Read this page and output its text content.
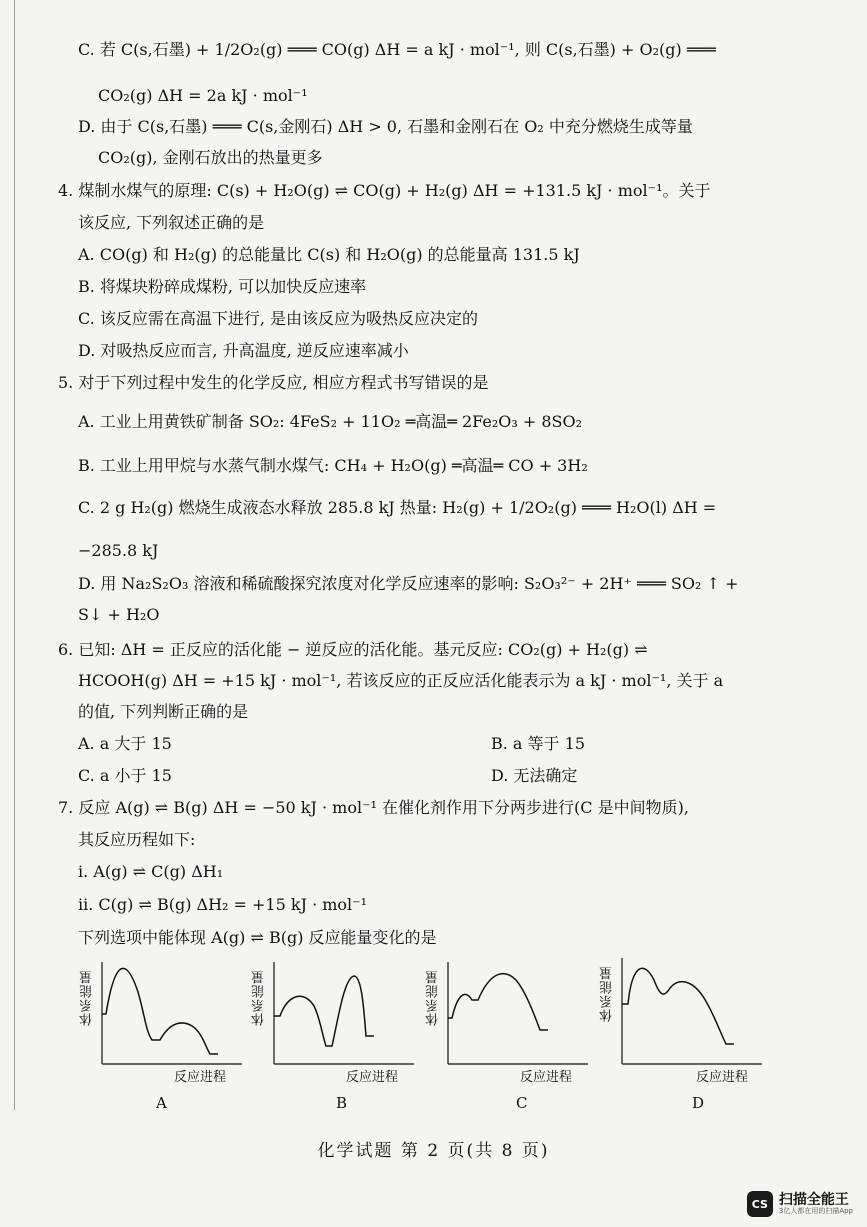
C. 若 C(s,石墨) + 1/2O₂(g) ═══ CO(g) ΔH = a kJ · mol⁻¹, 则 C(s,石墨) + O₂(g) ═══
CO₂(g) ΔH = 2a kJ · mol⁻¹
D. 由于 C(s,石墨) ═══ C(s,金刚石) ΔH > 0, 石墨和金刚石在 O₂ 中充分燃烧生成等量
CO₂(g), 金刚石放出的热量更多
4. 煤制水煤气的原理: C(s) + H₂O(g) ⇌ CO(g) + H₂(g) ΔH = +131.5 kJ · mol⁻¹。关于
该反应, 下列叙述正确的是
A. CO(g) 和 H₂(g) 的总能量比 C(s) 和 H₂O(g) 的总能量高 131.5 kJ
B. 将煤块粉碎成煤粉, 可以加快反应速率
C. 该反应需在高温下进行, 是由该反应为吸热反应决定的
D. 对吸热反应而言, 升高温度, 逆反应速率减小
5. 对于下列过程中发生的化学反应, 相应方程式书写错误的是
A. 工业上用黄铁矿制备 SO₂: 4FeS₂ + 11O₂ ═高温═ 2Fe₂O₃ + 8SO₂
B. 工业上用甲烷与水蒸气制水煤气: CH₄ + H₂O(g) ═高温═ CO + 3H₂
C. 2 g H₂(g) 燃烧生成液态水释放 285.8 kJ 热量: H₂(g) + 1/2O₂(g) ═══ H₂O(l) ΔH =
−285.8 kJ
D. 用 Na₂S₂O₃ 溶液和稀硫酸探究浓度对化学反应速率的影响: S₂O₃²⁻ + 2H⁺ ═══ SO₂ ↑ +
S↓ + H₂O
6. 已知: ΔH = 正反应的活化能 − 逆反应的活化能。基元反应: CO₂(g) + H₂(g) ⇌
HCOOH(g) ΔH = +15 kJ · mol⁻¹, 若该反应的正反应活化能表示为 a kJ · mol⁻¹, 关于 a
的值, 下列判断正确的是
A. a 大于 15	B. a 等于 15
C. a 小于 15	D. 无法确定
7. 反应 A(g) ⇌ B(g) ΔH = −50 kJ · mol⁻¹ 在催化剂作用下分两步进行(C 是中间物质),
其反应历程如下:
ⅰ. A(g) ⇌ C(g) ΔH₁
ⅱ. C(g) ⇌ B(g) ΔH₂ = +15 kJ · mol⁻¹
下列选项中能体现 A(g) ⇌ B(g) 反应能量变化的是
体系能量
反应进程
A
体系能量
反应进程
B
体系能量
反应进程
C
体系能量
反应进程
D
化学试题 第 2 页(共 8 页)
CS 扫描全能王
3亿人都在用的扫描App
